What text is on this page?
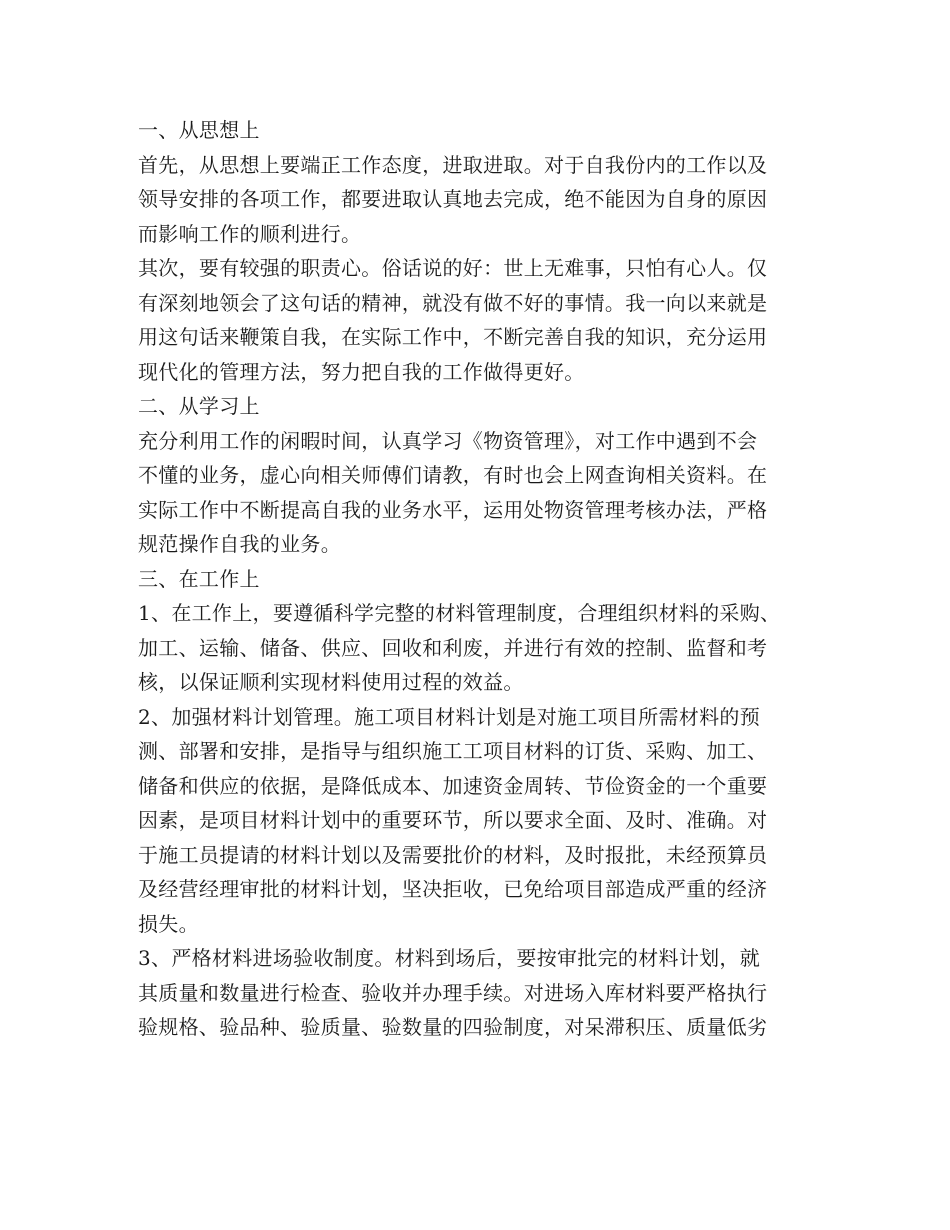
一、从思想上
首先，从思想上要端正工作态度，进取进取。对于自我份内的工作以及
领导安排的各项工作，都要进取认真地去完成，绝不能因为自身的原因
而影响工作的顺利进行。
其次，要有较强的职责心。俗话说的好：世上无难事，只怕有心人。仅
有深刻地领会了这句话的精神，就没有做不好的事情。我一向以来就是
用这句话来鞭策自我，在实际工作中，不断完善自我的知识，充分运用
现代化的管理方法，努力把自我的工作做得更好。
二、从学习上
充分利用工作的闲暇时间，认真学习《物资管理》，对工作中遇到不会
不懂的业务，虚心向相关师傅们请教，有时也会上网查询相关资料。在
实际工作中不断提高自我的业务水平，运用处物资管理考核办法，严格
规范操作自我的业务。
三、在工作上
1、在工作上，要遵循科学完整的材料管理制度，合理组织材料的采购、
加工、运输、储备、供应、回收和利废，并进行有效的控制、监督和考
核，以保证顺利实现材料使用过程的效益。
2、加强材料计划管理。施工项目材料计划是对施工项目所需材料的预
测、部署和安排，是指导与组织施工工项目材料的订货、采购、加工、
储备和供应的依据，是降低成本、加速资金周转、节俭资金的一个重要
因素，是项目材料计划中的重要环节，所以要求全面、及时、准确。对
于施工员提请的材料计划以及需要批价的材料，及时报批，未经预算员
及经营经理审批的材料计划，坚决拒收，已免给项目部造成严重的经济
损失。
3、严格材料进场验收制度。材料到场后，要按审批完的材料计划，就
其质量和数量进行检查、验收并办理手续。对进场入库材料要严格执行
验规格、验品种、验质量、验数量的四验制度，对呆滞积压、质量低劣
